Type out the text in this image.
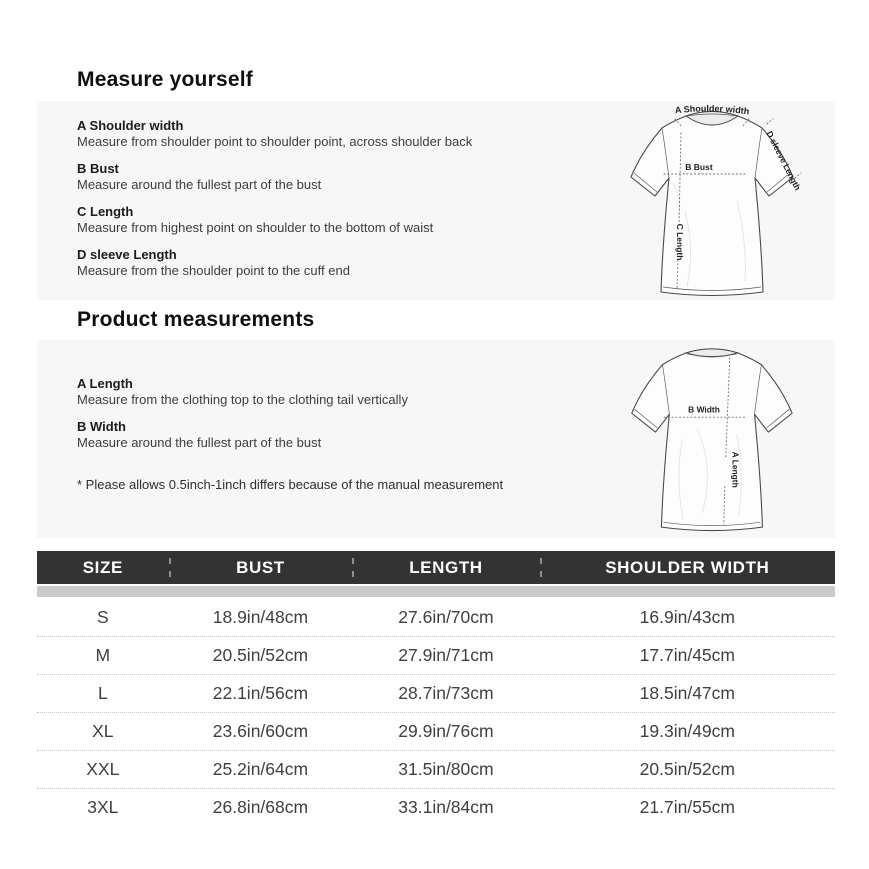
Measure yourself
A Shoulder width
Measure from shoulder point to shoulder point, across shoulder back
B Bust
Measure around the fullest part of the bust
C Length
Measure from highest point on shoulder to the bottom of waist
D sleeve Length
Measure from the shoulder point to the cuff end
A Shoulder width
B Bust
C Length
D sleeve Length
Product measurements
A Length
Measure from the clothing top to the clothing tail vertically
B Width
Measure around the fullest part of the bust
* Please allows 0.5inch-1inch differs because of the manual measurement
B Width
A Length
SIZE	BUST	LENGTH	SHOULDER WIDTH
S	18.9in/48cm	27.6in/70cm	16.9in/43cm
M	20.5in/52cm	27.9in/71cm	17.7in/45cm
L	22.1in/56cm	28.7in/73cm	18.5in/47cm
XL	23.6in/60cm	29.9in/76cm	19.3in/49cm
XXL	25.2in/64cm	31.5in/80cm	20.5in/52cm
3XL	26.8in/68cm	33.1in/84cm	21.7in/55cm
